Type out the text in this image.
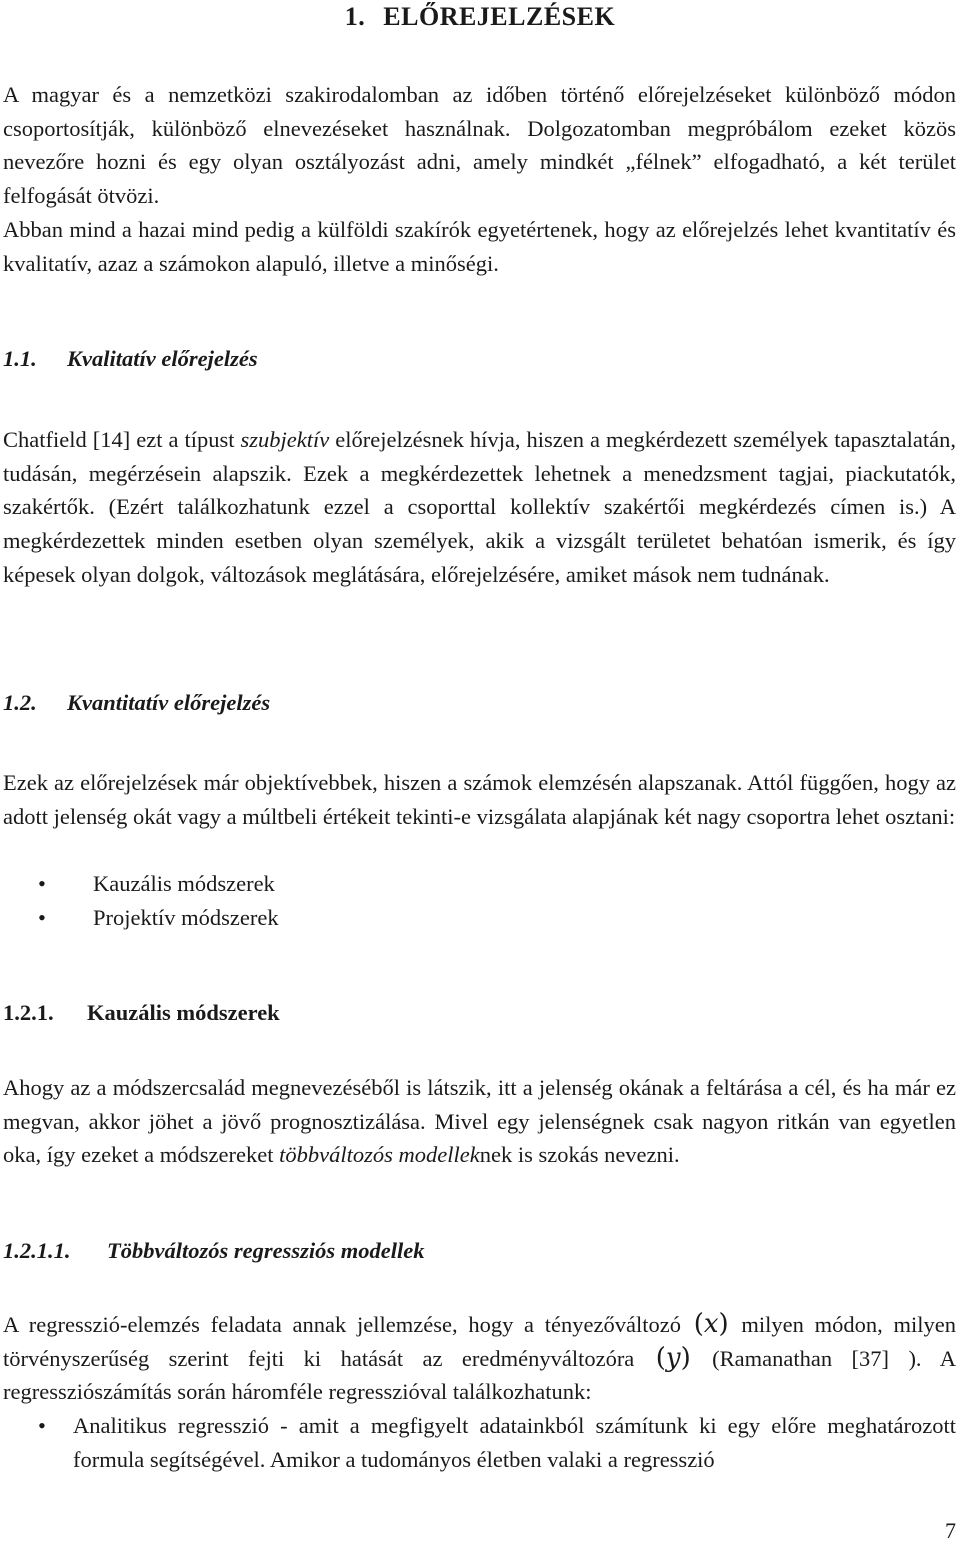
1. ELŐREJELZÉSEK

A magyar és a nemzetközi szakirodalomban az időben történő előrejelzéseket különböző módon csoportosítják, különböző elnevezéseket használnak. Dolgozatomban megpróbálom ezeket közös nevezőre hozni és egy olyan osztályozást adni, amely mindkét „félnek” elfogadható, a két terület felfogását ötvözi.

Abban mind a hazai mind pedig a külföldi szakírók egyetértenek, hogy az előrejelzés lehet kvantitatív és kvalitatív, azaz a számokon alapuló, illetve a minőségi.

1.1. Kvalitatív előrejelzés

Chatfield [14] ezt a típust szubjektív előrejelzésnek hívja, hiszen a megkérdezett személyek tapasztalatán, tudásán, megérzésein alapszik. Ezek a megkérdezettek lehetnek a menedzsment tagjai, piackutatók, szakértők. (Ezért találkozhatunk ezzel a csoporttal kollektív szakértői megkérdezés címen is.) A megkérdezettek minden esetben olyan személyek, akik a vizsgált területet behatóan ismerik, és így képesek olyan dolgok, változások meglátására, előrejelzésére, amiket mások nem tudnának.

1.2. Kvantitatív előrejelzés

Ezek az előrejelzések már objektívebbek, hiszen a számok elemzésén alapszanak. Attól függően, hogy az adott jelenség okát vagy a múltbeli értékeit tekinti-e vizsgálata alapjának két nagy csoportra lehet osztani:

• Kauzális módszerek
• Projektív módszerek
1.2.1. Kauzális módszerek

Ahogy az a módszercsalád megnevezéséből is látszik, itt a jelenség okának a feltárása a cél, és ha már ez megvan, akkor jöhet a jövő prognosztizálása. Mivel egy jelenségnek csak nagyon ritkán van egyetlen oka, így ezeket a módszereket többváltozós modelleknek is szokás nevezni.

1.2.1.1. Többváltozós regressziós modellek

A regresszió-elemzés feladata annak jellemzése, hogy a tényezőváltozó (x) milyen módon, milyen törvényszerűség szerint fejti ki hatását az eredményváltozóra (y) (Ramanathan [37] ). A regressziószámítás során háromféle regresszióval találkozhatunk:

• Analitikus regresszió - amit a megfigyelt adatainkból számítunk ki egy előre meghatározott formula segítségével. Amikor a tudományos életben valaki a regresszió
7
